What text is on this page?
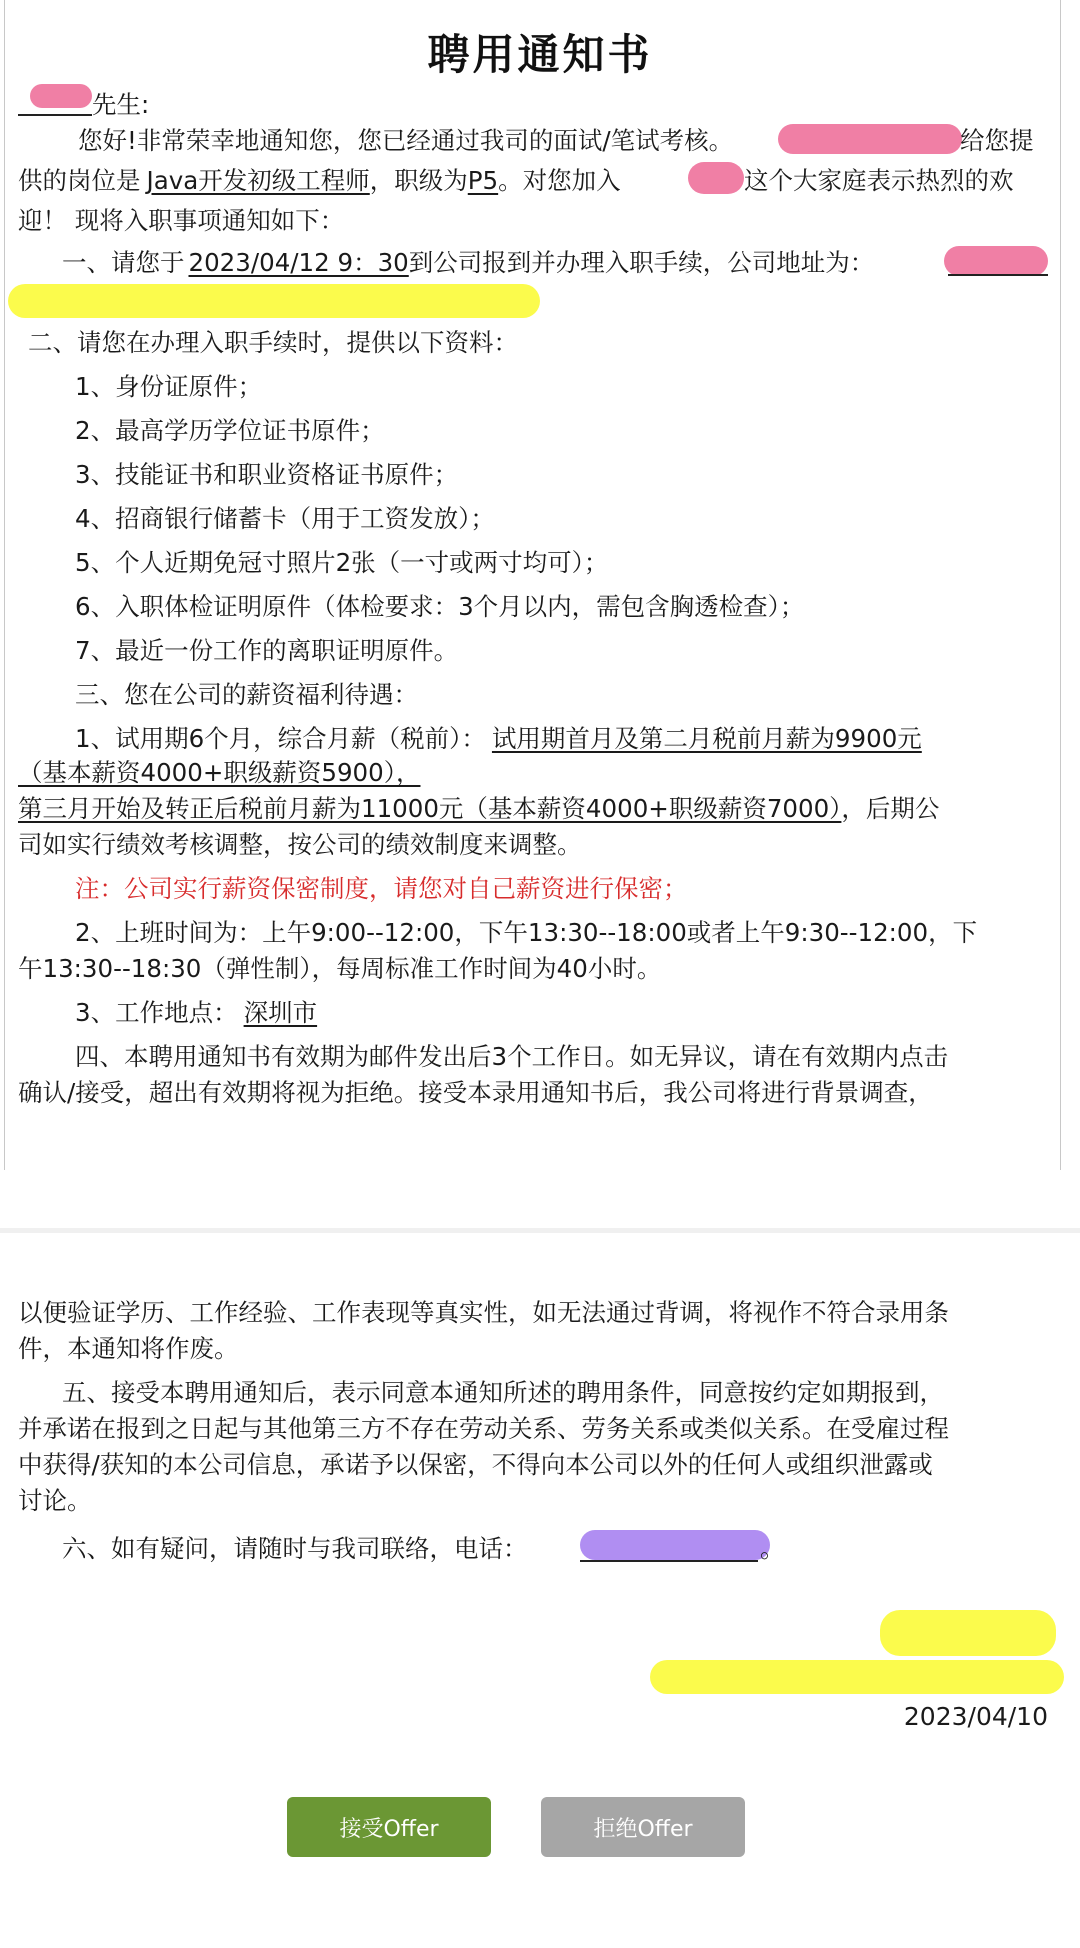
聘用通知书
先生:
您好!非常荣幸地通知您，您已经通过我司的面试/笔试考核。	给您提
供的岗位是 Java开发初级工程师，职级为P5。对您加入	这个大家庭表示热烈的欢
迎！ 现将入职事项通知如下：
一、请您于 2023/04/12 9：30到公司报到并办理入职手续，公司地址为：
二、请您在办理入职手续时，提供以下资料：
1、身份证原件；
2、最高学历学位证书原件；
3、技能证书和职业资格证书原件；
4、招商银行储蓄卡（用于工资发放）；
5、个人近期免冠寸照片2张（一寸或两寸均可）；
6、入职体检证明原件（体检要求：3个月以内，需包含胸透检查）；
7、最近一份工作的离职证明原件。
三、您在公司的薪资福利待遇：
1、试用期6个月，综合月薪（税前）： 试用期首月及第二月税前月薪为9900元
（基本薪资4000+职级薪资5900），
第三月开始及转正后税前月薪为11000元（基本薪资4000+职级薪资7000），后期公
司如实行绩效考核调整，按公司的绩效制度来调整。
注：公司实行薪资保密制度，请您对自己薪资进行保密；
2、上班时间为：上午9:00--12:00，下午13:30--18:00或者上午9:30--12:00，下
午13:30--18:30（弹性制），每周标准工作时间为40小时。
3、工作地点： 深圳市
四、本聘用通知书有效期为邮件发出后3个工作日。如无异议，请在有效期内点击
确认/接受，超出有效期将视为拒绝。接受本录用通知书后，我公司将进行背景调查，
以便验证学历、工作经验、工作表现等真实性，如无法通过背调，将视作不符合录用条
件，本通知将作废。
五、接受本聘用通知后，表示同意本通知所述的聘用条件，同意按约定如期报到，
并承诺在报到之日起与其他第三方不存在劳动关系、劳务关系或类似关系。在受雇过程
中获得/获知的本公司信息，承诺予以保密，不得向本公司以外的任何人或组织泄露或
讨论。
六、如有疑问，请随时与我司联络，电话：	。
2023/04/10
接受Offer	拒绝Offer
